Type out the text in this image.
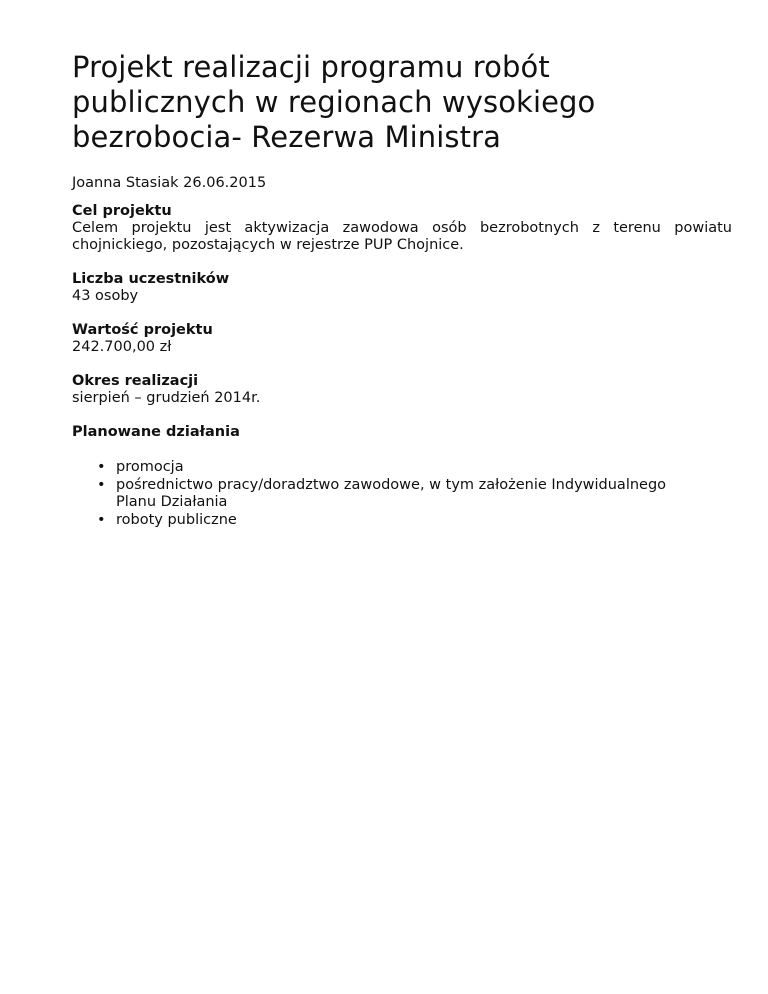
Projekt realizacji programu robót publicznych w regionach wysokiego bezrobocia- Rezerwa Ministra
Joanna Stasiak 26.06.2015
Cel projektu
Celem projektu jest aktywizacja zawodowa osób bezrobotnych z terenu powiatu chojnickiego, pozostających w rejestrze PUP Chojnice.
Liczba uczestników
43 osoby
Wartość projektu
242.700,00 zł
Okres realizacji
sierpień – grudzień 2014r.
Planowane działania
• promocja
• pośrednictwo pracy/doradztwo zawodowe, w tym założenie Indywidualnego Planu Działania
• roboty publiczne
